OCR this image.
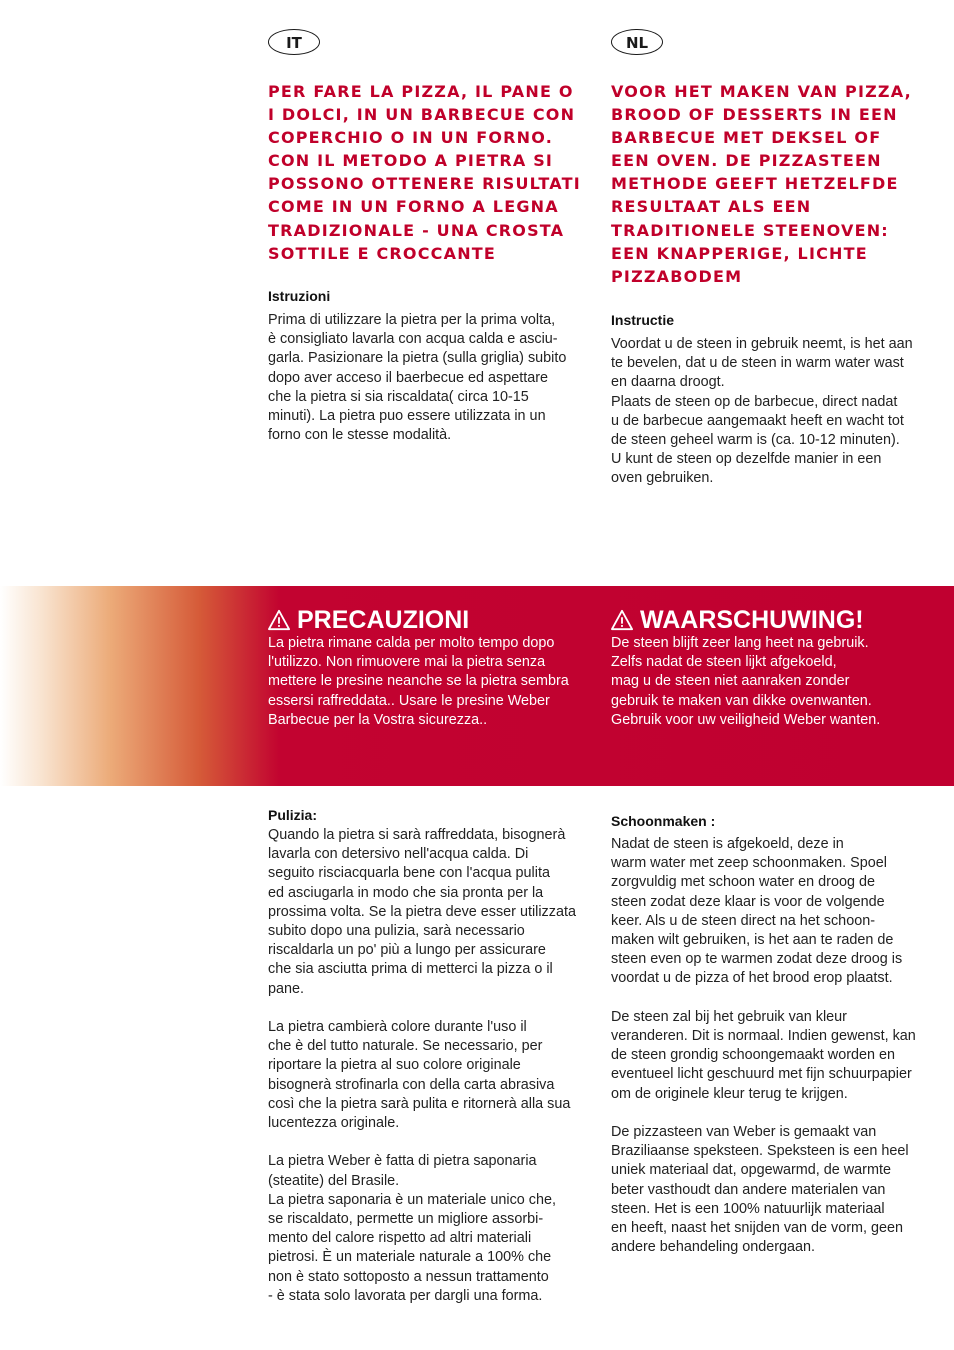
IT	NL
PER FARE LA PIZZA, IL PANE O
I DOLCI, IN UN BARBECUE CON
COPERCHIO O IN UN FORNO.
CON IL METODO A PIETRA SI
POSSONO OTTENERE RISULTATI
COME IN UN FORNO A LEGNA
TRADIZIONALE - UNA CROSTA
SOTTILE E CROCCANTE
VOOR HET MAKEN VAN PIZZA,
BROOD OF DESSERTS IN EEN
BARBECUE MET DEKSEL OF
EEN OVEN. DE PIZZASTEEN
METHODE GEEFT HETZELFDE
RESULTAAT ALS EEN
TRADITIONELE STEENOVEN:
EEN KNAPPERIGE, LICHTE
PIZZABODEM
Istruzioni

Prima di utilizzare la pietra per la prima volta,
è consigliato lavarla con acqua calda e asciu-
garla. Pasizionare la pietra (sulla griglia) subito
dopo aver acceso il baerbecue ed aspettare
che la pietra si sia riscaldata( circa 10-15
minuti). La pietra puo essere utilizzata in un
forno con le stesse modalità.

Instructie

Voordat u de steen in gebruik neemt, is het aan
te bevelen, dat u de steen in warm water wast
en daarna droogt.
Plaats de steen op de barbecue, direct nadat
u de barbecue aangemaakt heeft en wacht tot
de steen geheel warm is (ca. 10-12 minuten).
U kunt de steen op dezelfde manier in een
oven gebruiken.

PRECAUZIONI

La pietra rimane calda per molto tempo dopo
l'utilizzo. Non rimuovere mai la pietra senza
mettere le presine neanche se la pietra sembra
essersi raffreddata.. Usare le presine Weber
Barbecue per la Vostra sicurezza..

WAARSCHUWING!

De steen blijft zeer lang heet na gebruik.
Zelfs nadat de steen lijkt afgekoeld,
mag u de steen niet aanraken zonder
gebruik te maken van dikke ovenwanten.
Gebruik voor uw veiligheid Weber wanten.

Pulizia:

Quando la pietra si sarà raffreddata, bisognerà
lavarla con detersivo nell'acqua calda. Di
seguito risciacquarla bene con l'acqua pulita
ed asciugarla in modo che sia pronta per la
prossima volta. Se la pietra deve esser utilizzata
subito dopo una pulizia, sarà necessario
riscaldarla un po' più a lungo per assicurare
che sia asciutta prima di metterci la pizza o il
pane.

La pietra cambierà colore durante l'uso il
che è del tutto naturale. Se necessario, per
riportare la pietra al suo colore originale
bisognerà strofinarla con della carta abrasiva
così che la pietra sarà pulita e ritornerà alla sua
lucentezza originale.

La pietra Weber è fatta di pietra saponaria
(steatite) del Brasile.
La pietra saponaria è un materiale unico che,
se riscaldato, permette un migliore assorbi-
mento del calore rispetto ad altri materiali
pietrosi. È un materiale naturale a 100% che
non è stato sottoposto a nessun trattamento
- è stata solo lavorata per dargli una forma.

Schoonmaken :

Nadat de steen is afgekoeld, deze in
warm water met zeep schoonmaken. Spoel
zorgvuldig met schoon water en droog de
steen zodat deze klaar is voor de volgende
keer. Als u de steen direct na het schoon-
maken wilt gebruiken, is het aan te raden de
steen even op te warmen zodat deze droog is
voordat u de pizza of het brood erop plaatst.

De steen zal bij het gebruik van kleur
veranderen. Dit is normaal. Indien gewenst, kan
de steen grondig schoongemaakt worden en
eventueel licht geschuurd met fijn schuurpapier
om de originele kleur terug te krijgen.

De pizzasteen van Weber is gemaakt van
Braziliaanse speksteen. Speksteen is een heel
uniek materiaal dat, opgewarmd, de warmte
beter vasthoudt dan andere materialen van
steen. Het is een 100% natuurlijk materiaal
en heeft, naast het snijden van de vorm, geen
andere behandeling ondergaan.
